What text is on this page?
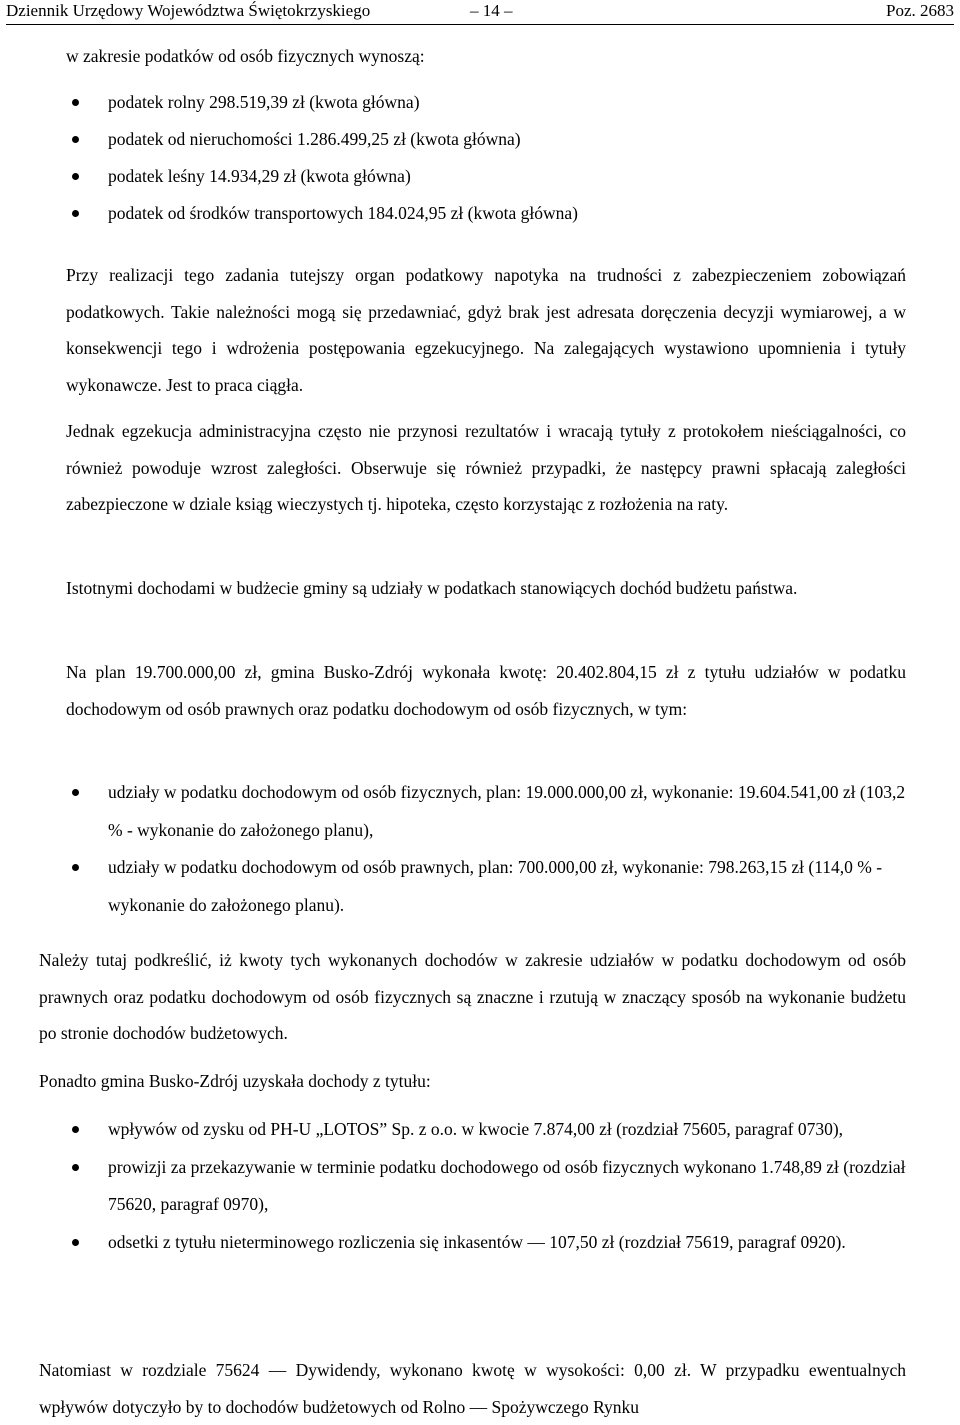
Dziennik Urzędowy Województwa Świętokrzyskiego	– 14 –	Poz. 2683

w zakresie podatków od osób fizycznych wynoszą:

podatek rolny 298.519,39 zł (kwota główna)
podatek od nieruchomości 1.286.499,25 zł (kwota główna)
podatek leśny 14.934,29 zł (kwota główna)
podatek od środków transportowych 184.024,95 zł (kwota główna)

Przy realizacji tego zadania tutejszy organ podatkowy napotyka na trudności z zabezpieczeniem zobowiązań podatkowych. Takie należności mogą się przedawniać, gdyż brak jest adresata doręczenia decyzji wymiarowej, a w konsekwencji tego i wdrożenia postępowania egzekucyjnego. Na zalegających wystawiono upomnienia i tytuły wykonawcze. Jest to praca ciągła.

Jednak egzekucja administracyjna często nie przynosi rezultatów i wracają tytuły z protokołem nieściągalności, co również powoduje wzrost zaległości. Obserwuje się również przypadki, że następcy prawni spłacają zaległości zabezpieczone w dziale ksiąg wieczystych tj. hipoteka, często korzystając z rozłożenia na raty.

Istotnymi dochodami w budżecie gminy są udziały w podatkach stanowiących dochód budżetu państwa.

Na plan 19.700.000,00 zł, gmina Busko-Zdrój wykonała kwotę: 20.402.804,15 zł z tytułu udziałów w podatku dochodowym od osób prawnych oraz podatku dochodowym od osób fizycznych, w tym:

udziały w podatku dochodowym od osób fizycznych, plan: 19.000.000,00 zł, wykonanie: 19.604.541,00 zł (103,2 % - wykonanie do założonego planu),
udziały w podatku dochodowym od osób prawnych, plan: 700.000,00 zł, wykonanie: 798.263,15 zł (114,0 % - wykonanie do założonego planu).

Należy tutaj podkreślić, iż kwoty tych wykonanych dochodów w zakresie udziałów w podatku dochodowym od osób prawnych oraz podatku dochodowym od osób fizycznych są znaczne i rzutują w znaczący sposób na wykonanie budżetu po stronie dochodów budżetowych.

Ponadto gmina Busko-Zdrój uzyskała dochody z tytułu:

wpływów od zysku od PH-U „LOTOS” Sp. z o.o. w kwocie 7.874,00 zł (rozdział 75605, paragraf 0730),
prowizji za przekazywanie w terminie podatku dochodowego od osób fizycznych wykonano 1.748,89 zł (rozdział 75620, paragraf 0970),
odsetki z tytułu nieterminowego rozliczenia się inkasentów — 107,50 zł (rozdział 75619, paragraf 0920).

Natomiast w rozdziale 75624 — Dywidendy, wykonano kwotę w wysokości: 0,00 zł. W przypadku ewentualnych wpływów dotyczyło by to dochodów budżetowych od Rolno — Spożywczego Rynku
